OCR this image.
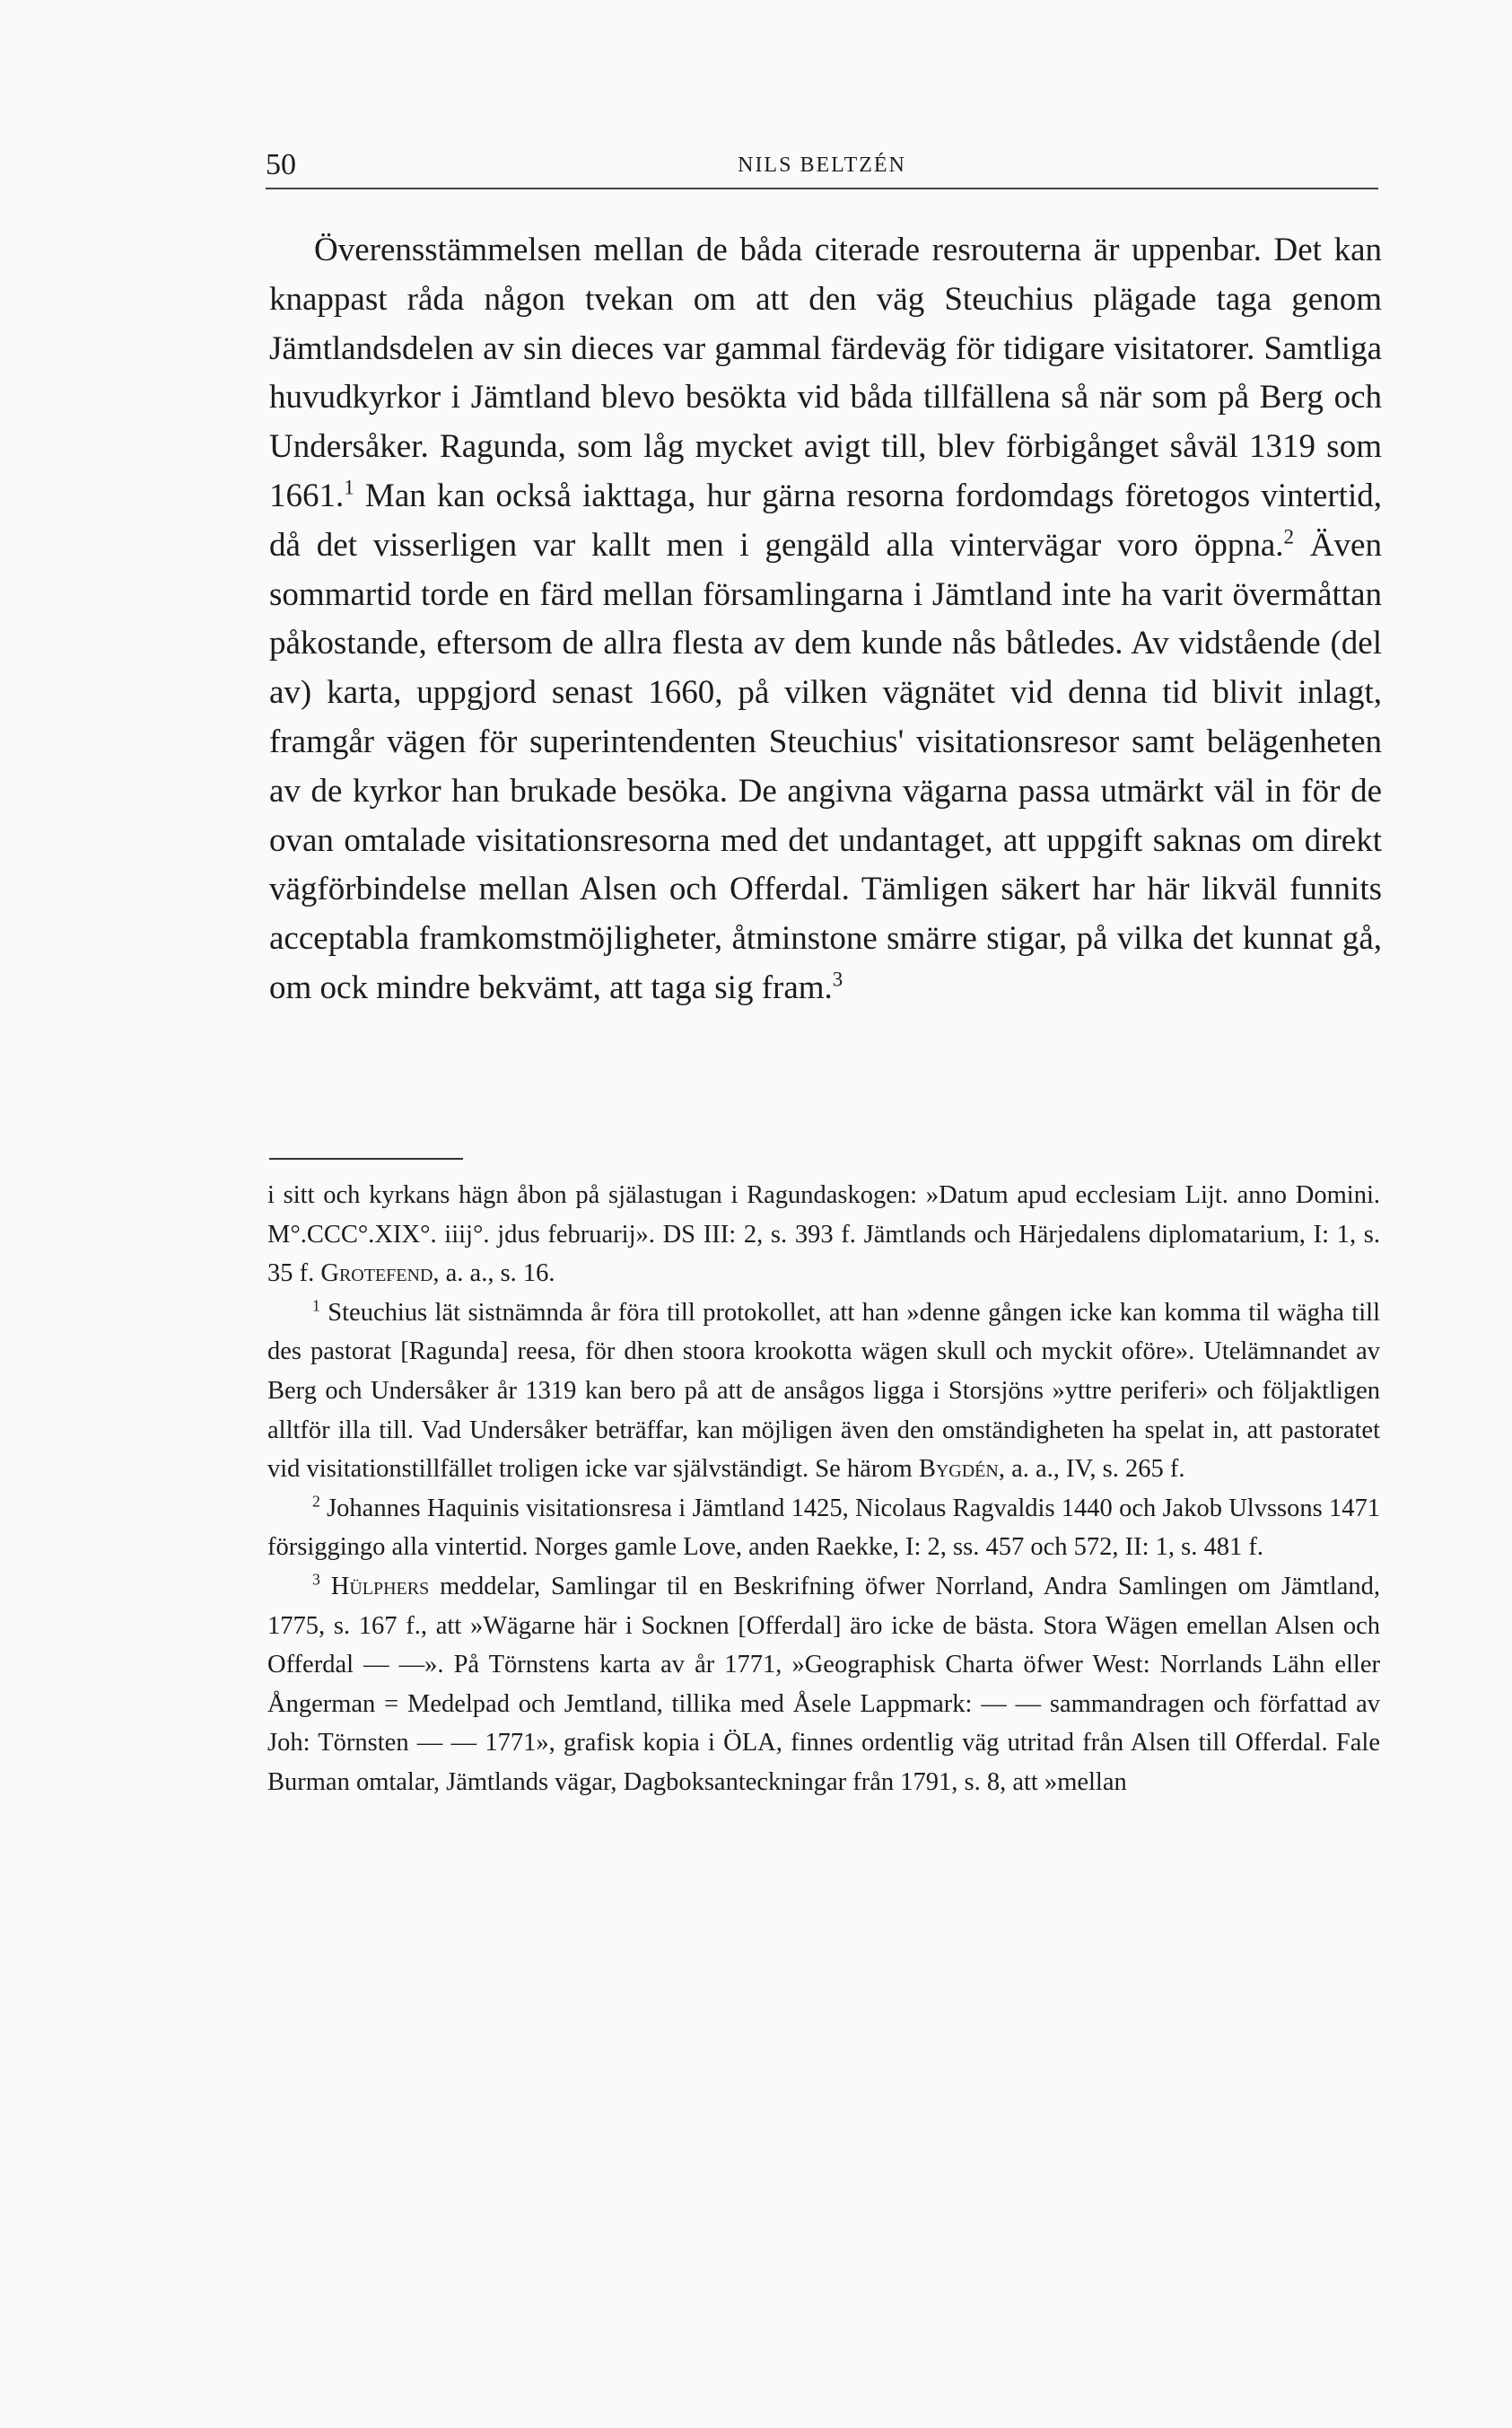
50	NILS BELTZÉN

Överensstämmelsen mellan de båda citerade resrouterna är uppenbar. Det kan knappast råda någon tvekan om att den väg Steuchius plägade taga genom Jämtlandsdelen av sin dieces var gammal färdeväg för tidigare visitatorer. Samtliga huvudkyrkor i Jämtland blevo besökta vid båda tillfällena så när som på Berg och Undersåker. Ragunda, som låg mycket avigt till, blev förbigånget såväl 1319 som 1661.$^1$ Man kan också iakttaga, hur gärna resorna fordomdags företogos vintertid, då det visserligen var kallt men i gengäld alla vintervägar voro öppna.$^2$ Även sommartid torde en färd mellan församlingarna i Jämtland inte ha varit övermåttan påkostande, eftersom de allra flesta av dem kunde nås båtledes. Av vidstående (del av) karta, uppgjord senast 1660, på vilken vägnätet vid denna tid blivit inlagt, framgår vägen för superintendenten Steuchius' visitationsresor samt belägenheten av de kyrkor han brukade besöka. De angivna vägarna passa utmärkt väl in för de ovan omtalade visitationsresorna med det undantaget, att uppgift saknas om direkt vägförbindelse mellan Alsen och Offerdal. Tämligen säkert har här likväl funnits acceptabla framkomstmöjligheter, åtminstone smärre stigar, på vilka det kunnat gå, om ock mindre bekvämt, att taga sig fram.$^3$

i sitt och kyrkans hägn åbon på själastugan i Ragundaskogen: »Datum apud ecclesiam Lijt. anno Domini. M°.CCC°.XIX°. iiij°. jdus februarij». DS III: 2, s. 393 f. Jämtlands och Härjedalens diplomatarium, I: 1, s. 35 f. Grotefend, a. a., s. 16.

$^1$ Steuchius lät sistnämnda år föra till protokollet, att han »denne gången icke kan komma til wägha till des pastorat [Ragunda] reesa, för dhen stoora krookotta wägen skull och myckit oföre». Utelämnandet av Berg och Undersåker år 1319 kan bero på att de ansågos ligga i Storsjöns »yttre periferi» och följaktligen alltför illa till. Vad Undersåker beträffar, kan möjligen även den omständigheten ha spelat in, att pastoratet vid visitationstillfället troligen icke var självständigt. Se härom Bygdén, a. a., IV, s. 265 f.

$^2$ Johannes Haquinis visitationsresa i Jämtland 1425, Nicolaus Ragvaldis 1440 och Jakob Ulvssons 1471 försiggingo alla vintertid. Norges gamle Love, anden Raekke, I: 2, ss. 457 och 572, II: 1, s. 481 f.

$^3$ Hülphers meddelar, Samlingar til en Beskrifning öfwer Norrland, Andra Samlingen om Jämtland, 1775, s. 167 f., att »Wägarne här i Socknen [Offerdal] äro icke de bästa. Stora Wägen emellan Alsen och Offerdal — —». På Törnstens karta av år 1771, »Geographisk Charta öfwer West: Norrlands Lähn eller Ångerman = Medelpad och Jemtland, tillika med Åsele Lappmark: — — sammandragen och författad av Joh: Törnsten — — 1771», grafisk kopia i ÖLA, finnes ordentlig väg utritad från Alsen till Offerdal. Fale Burman omtalar, Jämtlands vägar, Dagboksanteckningar från 1791, s. 8, att »mellan
